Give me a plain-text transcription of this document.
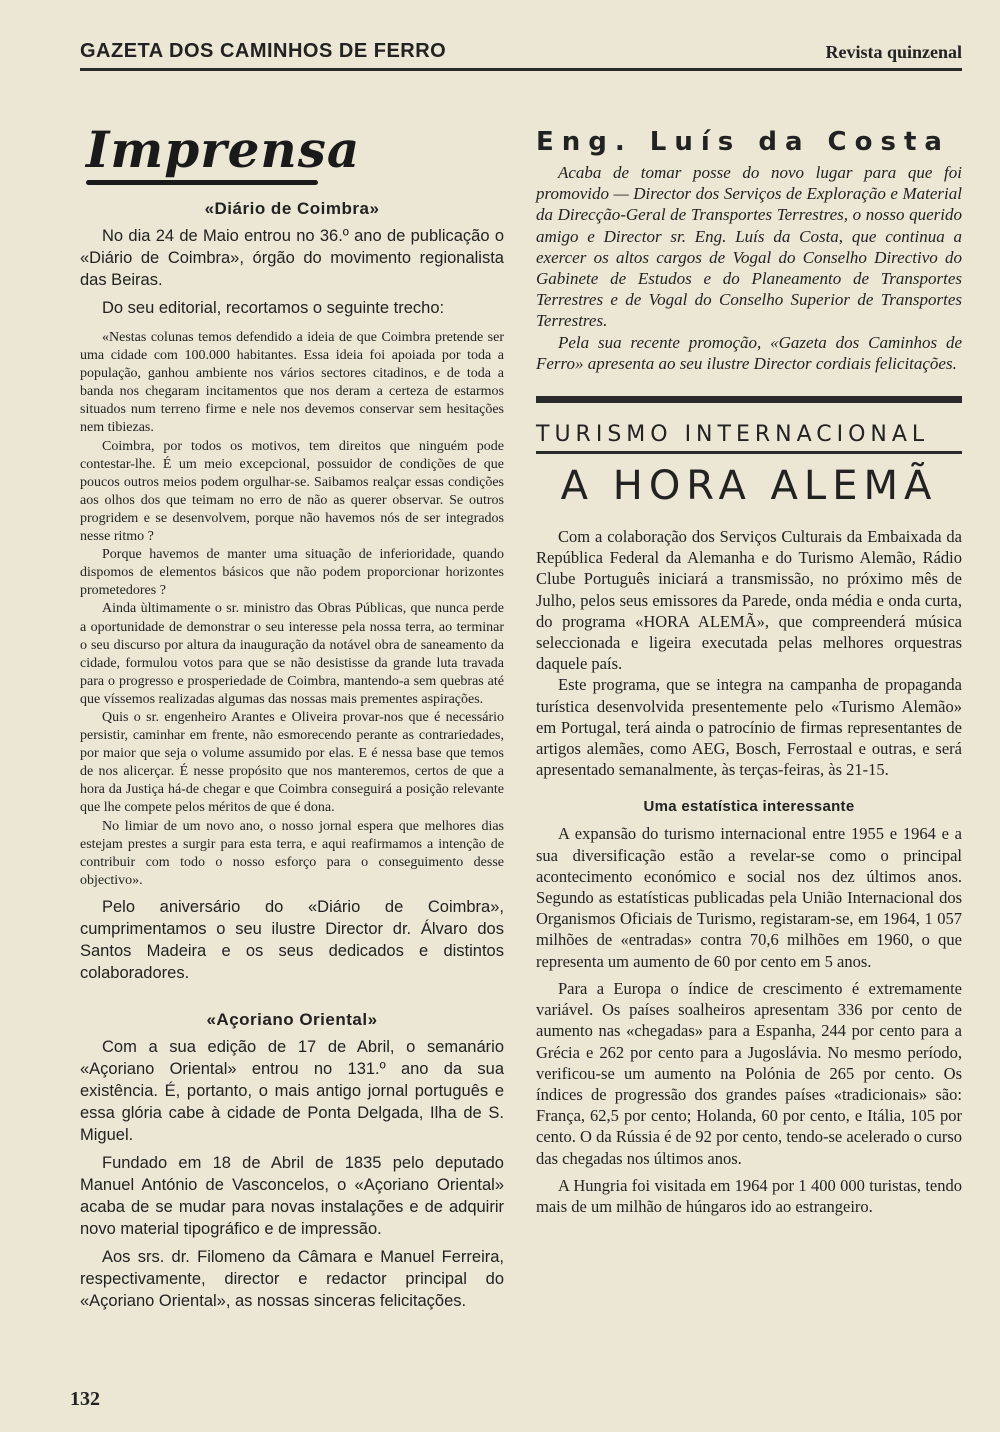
GAZETA DOS CAMINHOS DE FERRO	Revista quinzenal
Imprensa
«Diário de Coimbra»

No dia 24 de Maio entrou no 36.º ano de publicação o «Diário de Coimbra», órgão do movimento regionalista das Beiras.

Do seu editorial, recortamos o seguinte trecho:

«Nestas colunas temos defendido a ideia de que Coimbra pretende ser uma cidade com 100.000 habitantes. Essa ideia foi apoiada por toda a população, ganhou ambiente nos vários sectores citadinos, e de toda a banda nos chegaram incitamentos que nos deram a certeza de estarmos situados num terreno firme e nele nos devemos conservar sem hesitações nem tibiezas.

Coimbra, por todos os motivos, tem direitos que ninguém pode contestar-lhe. É um meio excepcional, possuidor de condições de que poucos outros meios podem orgulhar-se. Saibamos realçar essas condições aos olhos dos que teimam no erro de não as querer observar. Se outros progridem e se desenvolvem, porque não havemos nós de ser integrados nesse ritmo ?

Porque havemos de manter uma situação de inferioridade, quando dispomos de elementos básicos que não podem proporcionar horizontes prometedores ?

Ainda ùltimamente o sr. ministro das Obras Públicas, que nunca perde a oportunidade de demonstrar o seu interesse pela nossa terra, ao terminar o seu discurso por altura da inauguração da notável obra de saneamento da cidade, formulou votos para que se não desistisse da grande luta travada para o progresso e prosperiedade de Coimbra, mantendo-a sem quebras até que víssemos realizadas algumas das nossas mais prementes aspirações.

Quis o sr. engenheiro Arantes e Oliveira provar-nos que é necessário persistir, caminhar em frente, não esmorecendo perante as contrariedades, por maior que seja o volume assumido por elas. E é nessa base que temos de nos alicerçar. É nesse propósito que nos manteremos, certos de que a hora da Justiça há-de chegar e que Coimbra conseguirá a posição relevante que lhe compete pelos méritos de que é dona.

No limiar de um novo ano, o nosso jornal espera que melhores dias estejam prestes a surgir para esta terra, e aqui reafirmamos a intenção de contribuir com todo o nosso esforço para o conseguimento desse objectivo».

Pelo aniversário do «Diário de Coimbra», cumprimentamos o seu ilustre Director dr. Álvaro dos Santos Madeira e os seus dedicados e distintos colaboradores.

«Açoriano Oriental»

Com a sua edição de 17 de Abril, o semanário «Açoriano Oriental» entrou no 131.º ano da sua existência. É, portanto, o mais antigo jornal português e essa glória cabe à cidade de Ponta Delgada, Ilha de S. Miguel.

Fundado em 18 de Abril de 1835 pelo deputado Manuel António de Vasconcelos, o «Açoriano Oriental» acaba de se mudar para novas instalações e de adquirir novo material tipográfico e de impressão.

Aos srs. dr. Filomeno da Câmara e Manuel Ferreira, respectivamente, director e redactor principal do «Açoriano Oriental», as nossas sinceras felicitações.

Eng. Luís da Costa

Acaba de tomar posse do novo lugar para que foi promovido — Director dos Serviços de Exploração e Material da Direcção-Geral de Transportes Terrestres, o nosso querido amigo e Director sr. Eng. Luís da Costa, que continua a exercer os altos cargos de Vogal do Conselho Directivo do Gabinete de Estudos e do Planeamento de Transportes Terrestres e de Vogal do Conselho Superior de Transportes Terrestres.

Pela sua recente promoção, «Gazeta dos Caminhos de Ferro» apresenta ao seu ilustre Director cordiais felicitações.

TURISMO INTERNACIONAL
A HORA ALEMÃ

Com a colaboração dos Serviços Culturais da Embaixada da República Federal da Alemanha e do Turismo Alemão, Rádio Clube Português iniciará a transmissão, no próximo mês de Julho, pelos seus emissores da Parede, onda média e onda curta, do programa «HORA ALEMÃ», que compreenderá música seleccionada e ligeira executada pelas melhores orquestras daquele país.

Este programa, que se integra na campanha de propaganda turística desenvolvida presentemente pelo «Turismo Alemão» em Portugal, terá ainda o patrocínio de firmas representantes de artigos alemães, como AEG, Bosch, Ferrostaal e outras, e será apresentado semanalmente, às terças-feiras, às 21-15.

Uma estatística interessante

A expansão do turismo internacional entre 1955 e 1964 e a sua diversificação estão a revelar-se como o principal acontecimento económico e social nos dez últimos anos. Segundo as estatísticas publicadas pela União Internacional dos Organismos Oficiais de Turismo, registaram-se, em 1964, 1 057 milhões de «entradas» contra 70,6 milhões em 1960, o que representa um aumento de 60 por cento em 5 anos.

Para a Europa o índice de crescimento é extremamente variável. Os países soalheiros apresentam 336 por cento de aumento nas «chegadas» para a Espanha, 244 por cento para a Grécia e 262 por cento para a Jugoslávia. No mesmo período, verificou-se um aumento na Polónia de 265 por cento. Os índices de progressão dos grandes países «tradicionais» são: França, 62,5 por cento; Holanda, 60 por cento, e Itália, 105 por cento. O da Rússia é de 92 por cento, tendo-se acelerado o curso das chegadas nos últimos anos.

A Hungria foi visitada em 1964 por 1 400 000 turistas, tendo mais de um milhão de húngaros ido ao estrangeiro.

132
